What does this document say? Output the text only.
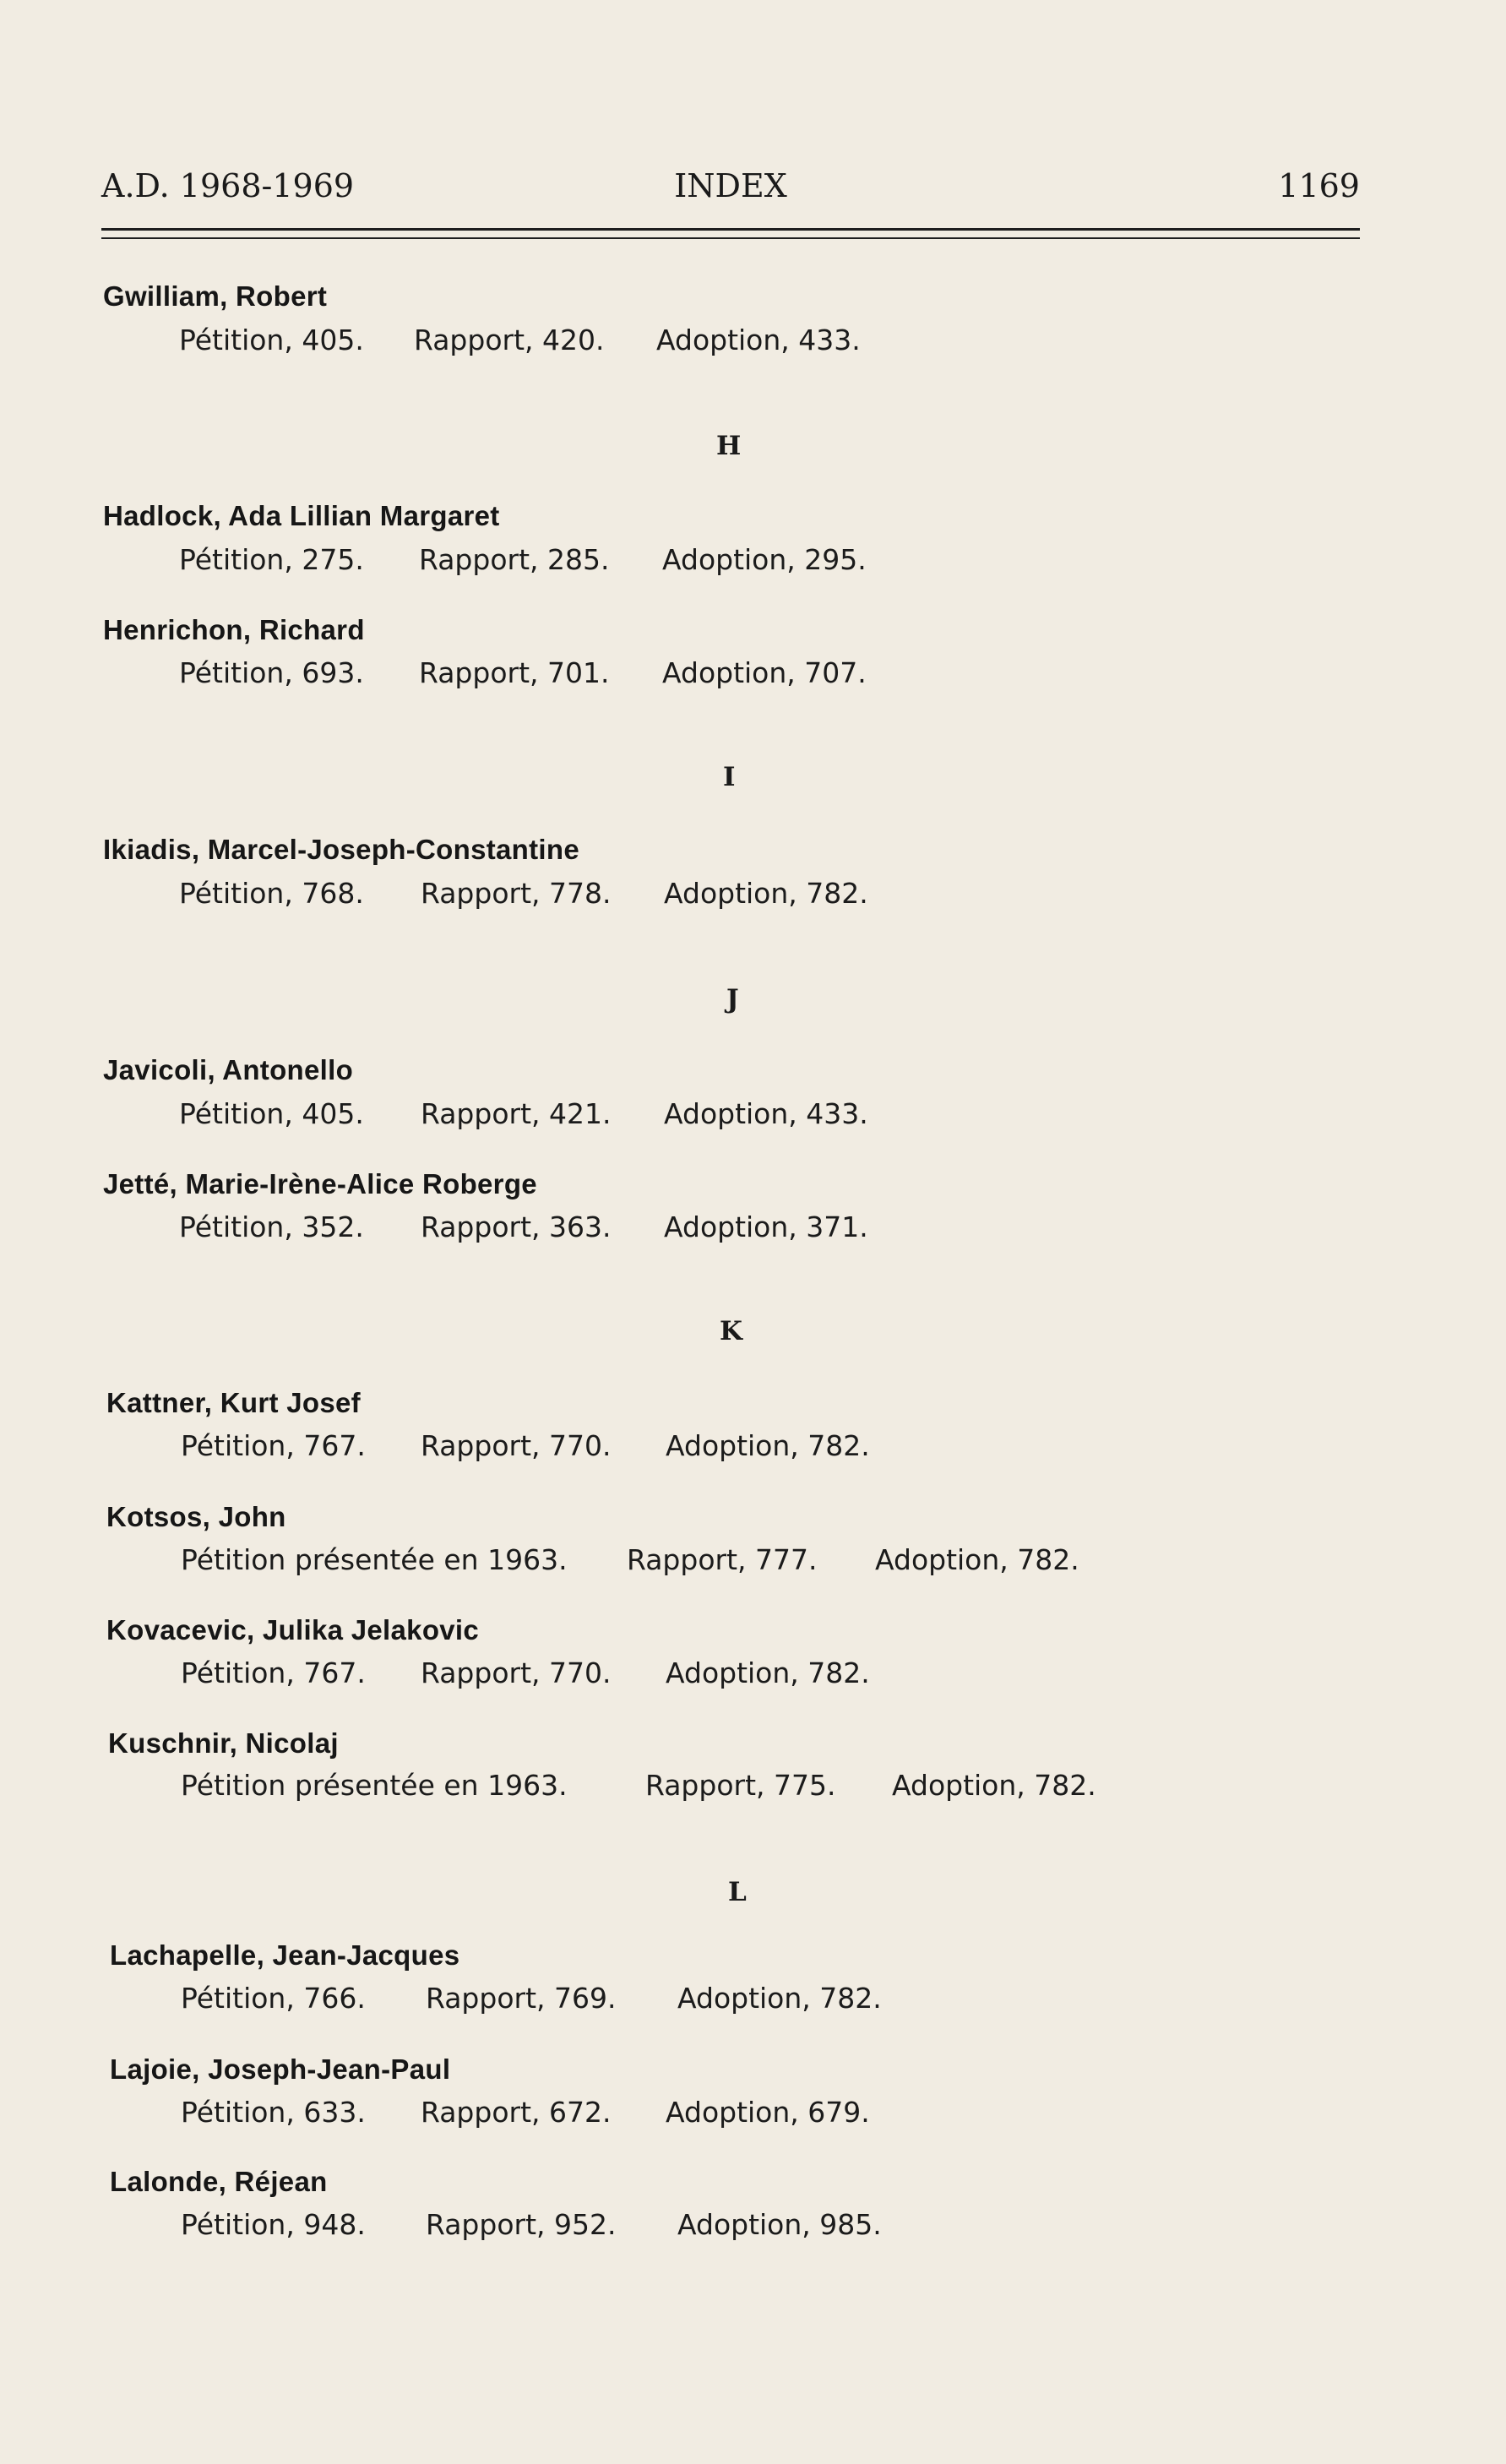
A.D. 1968-1969	INDEX	1169
Gwilliam, Robert
Pétition, 405. Rapport, 420. Adoption, 433.
H
Hadlock, Ada Lillian Margaret
Pétition, 275. Rapport, 285. Adoption, 295.
Henrichon, Richard
Pétition, 693. Rapport, 701. Adoption, 707.
I
Ikiadis, Marcel-Joseph-Constantine
Pétition, 768. Rapport, 778. Adoption, 782.
J
Javicoli, Antonello
Pétition, 405. Rapport, 421. Adoption, 433.
Jetté, Marie-Irène-Alice Roberge
Pétition, 352. Rapport, 363. Adoption, 371.
K
Kattner, Kurt Josef
Pétition, 767. Rapport, 770. Adoption, 782.
Kotsos, John
Pétition présentée en 1963. Rapport, 777. Adoption, 782.
Kovacevic, Julika Jelakovic
Pétition, 767. Rapport, 770. Adoption, 782.
Kuschnir, Nicolaj
Pétition présentée en 1963.	Rapport, 775. Adoption, 782.
L
Lachapelle, Jean-Jacques
Pétition, 766. Rapport, 769. Adoption, 782.
Lajoie, Joseph-Jean-Paul
Pétition, 633. Rapport, 672. Adoption, 679.
Lalonde, Réjean
Pétition, 948. Rapport, 952. Adoption, 985.
